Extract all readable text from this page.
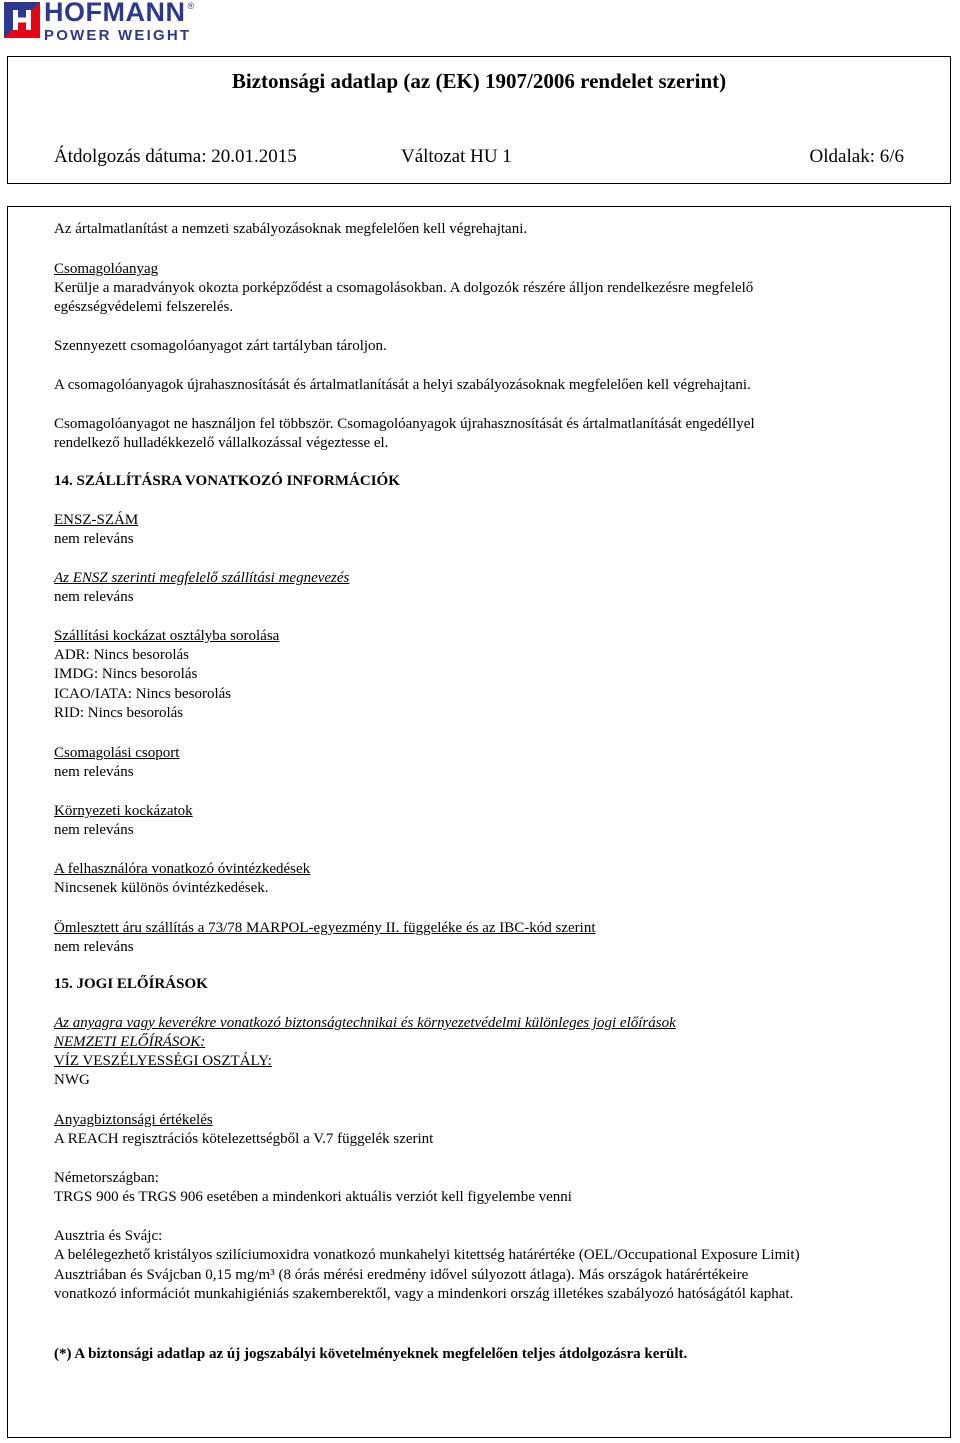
HOFMANN ®
POWER WEIGHT
Biztonsági adatlap (az (EK) 1907/2006 rendelet szerint)
Átdolgozás dátuma: 20.01.2015	Változat HU 1	Oldalak: 6/6
Az ártalmatlanítást a nemzeti szabályozásoknak megfelelően kell végrehajtani.
Csomagolóanyag
Kerülje a maradványok okozta porképződést a csomagolásokban. A dolgozók részére álljon rendelkezésre megfelelő
egészségvédelemi felszerelés.
Szennyezett csomagolóanyagot zárt tartályban tároljon.
A csomagolóanyagok újrahasznosítását és ártalmatlanítását a helyi szabályozásoknak megfelelően kell végrehajtani.
Csomagolóanyagot ne használjon fel többször. Csomagolóanyagok újrahasznosítását és ártalmatlanítását engedéllyel
rendelkező hulladékkezelő vállalkozással végeztesse el.
14. SZÁLLÍTÁSRA VONATKOZÓ INFORMÁCIÓK
ENSZ-SZÁM
nem releváns
Az ENSZ szerinti megfelelő szállítási megnevezés
nem releváns
Szállítási kockázat osztályba sorolása
ADR: Nincs besorolás
IMDG: Nincs besorolás
ICAO/IATA: Nincs besorolás
RID: Nincs besorolás
Csomagolási csoport
nem releváns
Környezeti kockázatok
nem releváns
A felhasználóra vonatkozó óvintézkedések
Nincsenek különös óvintézkedések.
Ömlesztett áru szállítás a 73/78 MARPOL-egyezmény II. függeléke és az IBC-kód szerint
nem releváns
15. JOGI ELŐÍRÁSOK
Az anyagra vagy keverékre vonatkozó biztonságtechnikai és környezetvédelmi különleges jogi előírások
NEMZETI ELŐÍRÁSOK:
VÍZ VESZÉLYESSÉGI OSZTÁLY:
NWG
Anyagbiztonsági értékelés
A REACH regisztrációs kötelezettségből a V.7 függelék szerint
Németországban:
TRGS 900 és TRGS 906 esetében a mindenkori aktuális verziót kell figyelembe venni
Ausztria és Svájc:
A belélegezhető kristályos szilíciumoxidra vonatkozó munkahelyi kitettség határértéke (OEL/Occupational Exposure Limit)
Ausztriában és Svájcban 0,15 mg/m³ (8 órás mérési eredmény idővel súlyozott átlaga). Más országok határértékeire
vonatkozó információt munkahigiéniás szakemberektől, vagy a mindenkori ország illetékes szabályozó hatóságától kaphat.
(*) A biztonsági adatlap az új jogszabályi követelményeknek megfelelően teljes átdolgozásra került.
